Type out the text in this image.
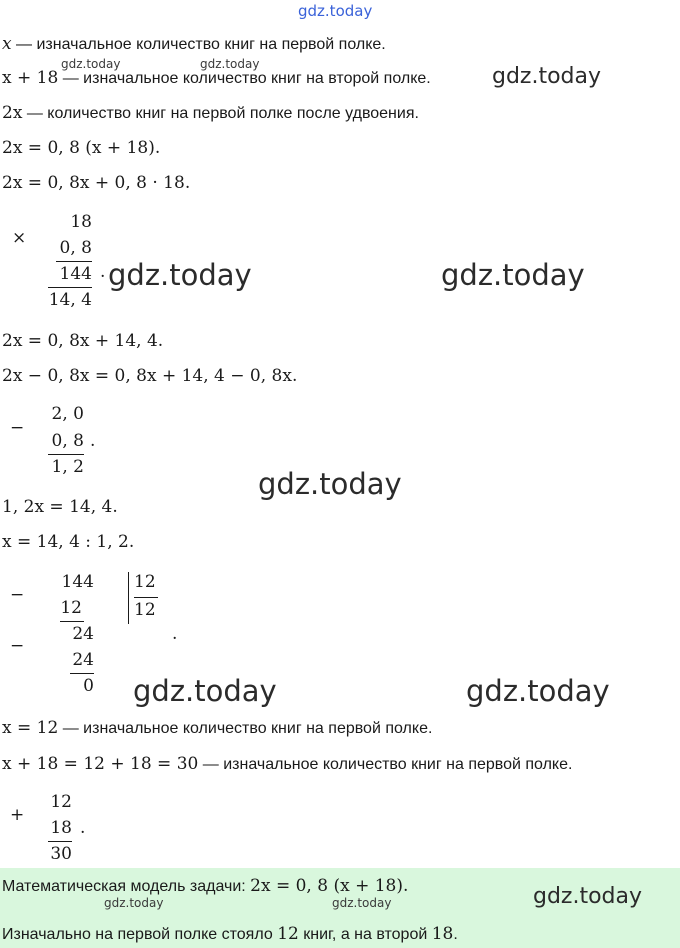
gdz.today
x — изначальное количество книг на первой полке.
gdz.today	gdz.today
x + 18 — изначальное количество книг на второй полке.	gdz.today
2x — количество книг на первой полке после удвоения.
2x = 0, 8 (x + 18).
2x = 0, 8x + 0, 8 · 18.
×
18
0, 8
144
14, 4
. gdz.today	gdz.today
2x = 0, 8x + 14, 4.
2x − 0, 8x = 0, 8x + 14, 4 − 0, 8x.
−
2, 0
0, 8
1, 2
.
gdz.today
1, 2x = 14, 4.
x = 14, 4 : 1, 2.
−
144
12
12
12
−
24
24
0
.
gdz.today	gdz.today
x = 12 — изначальное количество книг на первой полке.
x + 18 = 12 + 18 = 30 — изначальное количество книг на первой полке.
+
12
18
30
.
Математическая модель задачи: 2x = 0, 8 (x + 18).	gdz.today
gdz.today	gdz.today
Изначально на первой полке стояло 12 книг, а на второй 18.
